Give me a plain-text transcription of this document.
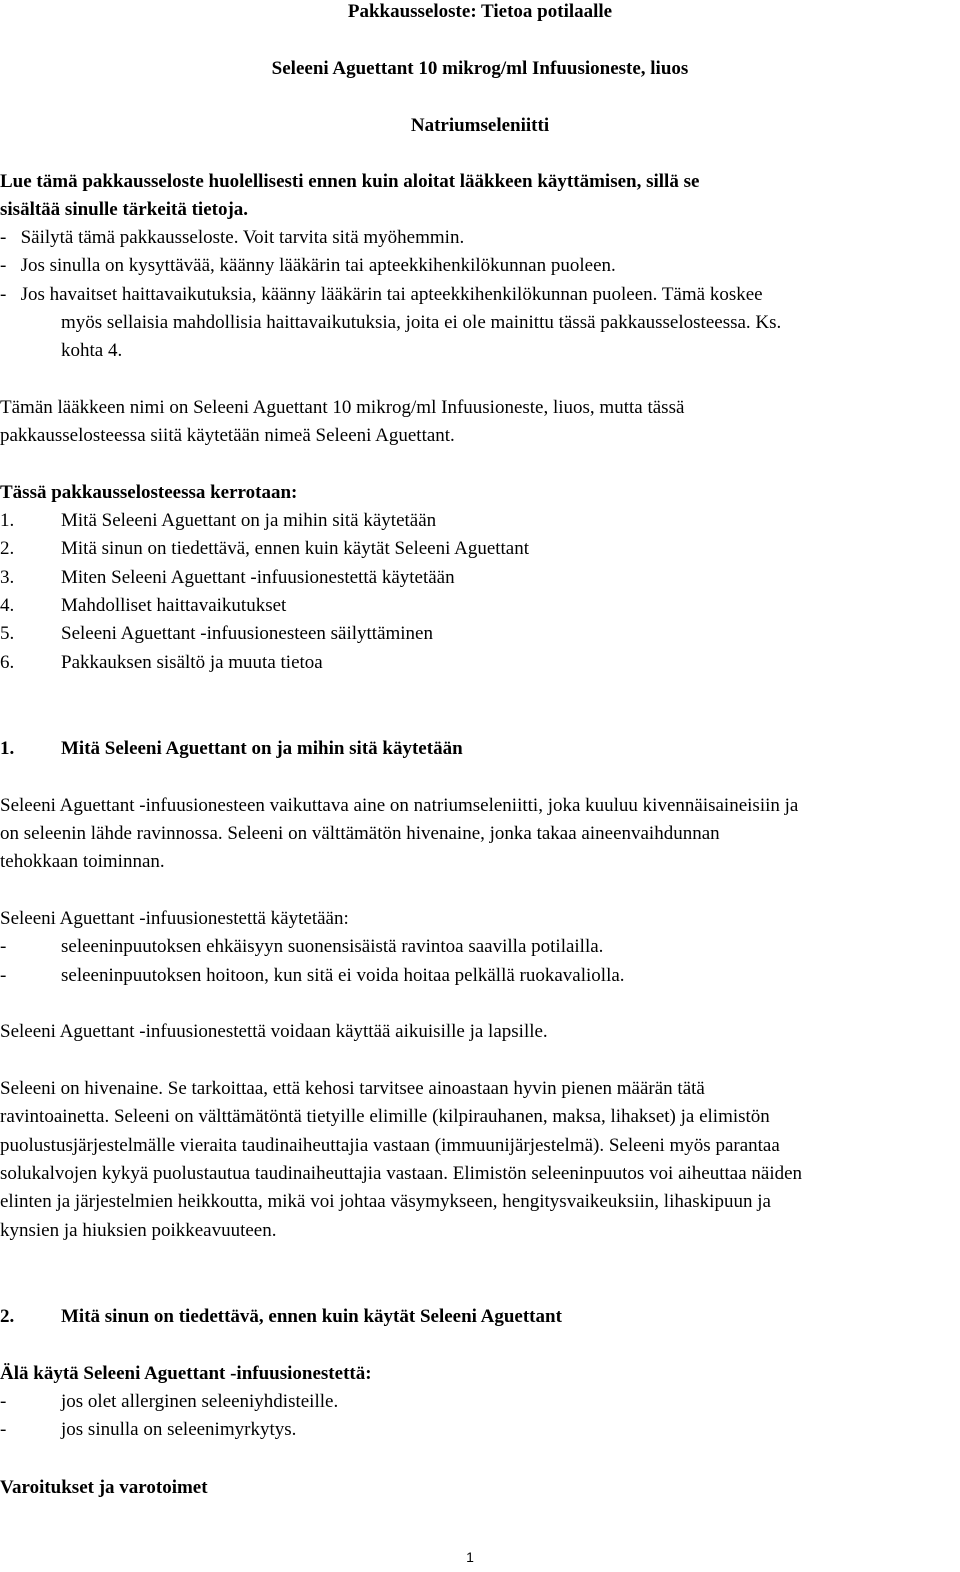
Pakkausseloste: Tietoa potilaalle
Seleeni Aguettant 10 mikrog/ml Infuusioneste, liuos
Natriumseleniitti
Lue tämä pakkausseloste huolellisesti ennen kuin aloitat lääkkeen käyttämisen, sillä se
sisältää sinulle tärkeitä tietoja.
-   Säilytä tämä pakkausseloste. Voit tarvita sitä myöhemmin.
-   Jos sinulla on kysyttävää, käänny lääkärin tai apteekkihenkilökunnan puoleen.
-   Jos havaitset haittavaikutuksia, käänny lääkärin tai apteekkihenkilökunnan puoleen. Tämä koskee
myös sellaisia mahdollisia haittavaikutuksia, joita ei ole mainittu tässä pakkausselosteessa. Ks.
kohta 4.
Tämän lääkkeen nimi on Seleeni Aguettant 10 mikrog/ml Infuusioneste, liuos, mutta tässä
pakkausselosteessa siitä käytetään nimeä Seleeni Aguettant.
Tässä pakkausselosteessa kerrotaan:
1. Mitä Seleeni Aguettant on ja mihin sitä käytetään
2. Mitä sinun on tiedettävä, ennen kuin käytät Seleeni Aguettant
3. Miten Seleeni Aguettant -infuusionestettä käytetään
4. Mahdolliset haittavaikutukset
5. Seleeni Aguettant -infuusionesteen säilyttäminen
6. Pakkauksen sisältö ja muuta tietoa
1. Mitä Seleeni Aguettant on ja mihin sitä käytetään
Seleeni Aguettant -infuusionesteen vaikuttava aine on natriumseleniitti, joka kuuluu kivennäisaineisiin ja
on seleenin lähde ravinnossa. Seleeni on välttämätön hivenaine, jonka takaa aineenvaihdunnan
tehokkaan toiminnan.
Seleeni Aguettant -infuusionestettä käytetään:
-	seleeninpuutoksen ehkäisyyn suonensisäistä ravintoa saavilla potilailla.
-	seleeninpuutoksen hoitoon, kun sitä ei voida hoitaa pelkällä ruokavaliolla.
Seleeni Aguettant -infuusionestettä voidaan käyttää aikuisille ja lapsille.
Seleeni on hivenaine. Se tarkoittaa, että kehosi tarvitsee ainoastaan hyvin pienen määrän tätä
ravintoainetta. Seleeni on välttämätöntä tietyille elimille (kilpirauhanen, maksa, lihakset) ja elimistön
puolustusjärjestelmälle vieraita taudinaiheuttajia vastaan (immuunijärjestelmä). Seleeni myös parantaa
solukalvojen kykyä puolustautua taudinaiheuttajia vastaan. Elimistön seleeninpuutos voi aiheuttaa näiden
elinten ja järjestelmien heikkoutta, mikä voi johtaa väsymykseen, hengitysvaikeuksiin, lihaskipuun ja
kynsien ja hiuksien poikkeavuuteen.
2. Mitä sinun on tiedettävä, ennen kuin käytät Seleeni Aguettant
Älä käytä Seleeni Aguettant -infuusionestettä:
-	jos olet allerginen seleeniyhdisteille.
-	jos sinulla on seleenimyrkytys.
Varoitukset ja varotoimet
1
